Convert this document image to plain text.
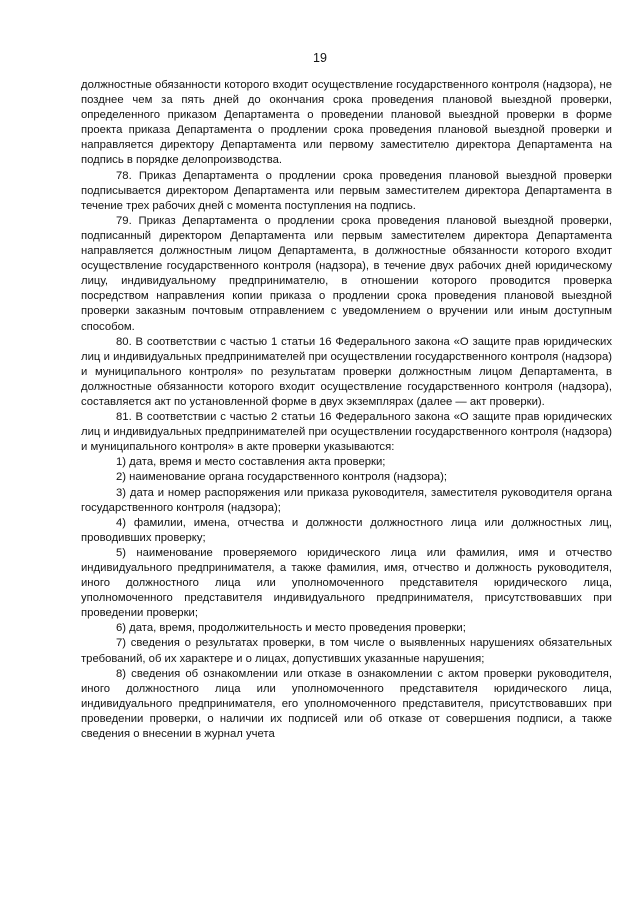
19

должностные обязанности которого входит осуществление государственного контроля (надзора), не позднее чем за пять дней до окончания срока проведения плановой выездной проверки, определенного приказом Департамента о проведении плановой выездной проверки в форме проекта приказа Департамента о продлении срока проведения плановой выездной проверки и направляется директору Департамента или первому заместителю директора Департамента на подпись в порядке делопроизводства.

78. Приказ Департамента о продлении срока проведения плановой выездной проверки подписывается директором Департамента или первым заместителем директора Департамента в течение трех рабочих дней с момента поступления на подпись.

79. Приказ Департамента о продлении срока проведения плановой выездной проверки, подписанный директором Департамента или первым заместителем директора Департамента направляется должностным лицом Департамента, в должностные обязанности которого входит осуществление государственного контроля (надзора), в течение двух рабочих дней юридическому лицу, индивидуальному предпринимателю, в отношении которого проводится проверка посредством направления копии приказа о продлении срока проведения плановой выездной проверки заказным почтовым отправлением с уведомлением о вручении или иным доступным способом.

80. В соответствии с частью 1 статьи 16 Федерального закона «О защите прав юридических лиц и индивидуальных предпринимателей при осуществлении государственного контроля (надзора) и муниципального контроля» по результатам проверки должностным лицом Департамента, в должностные обязанности которого входит осуществление государственного контроля (надзора), составляется акт по установленной форме в двух экземплярах (далее — акт проверки).

81. В соответствии с частью 2 статьи 16 Федерального закона «О защите прав юридических лиц и индивидуальных предпринимателей при осуществлении государственного контроля (надзора) и муниципального контроля» в акте проверки указываются:

1) дата, время и место составления акта проверки;

2) наименование органа государственного контроля (надзора);

3) дата и номер распоряжения или приказа руководителя, заместителя руководителя органа государственного контроля (надзора);

4) фамилии, имена, отчества и должности должностного лица или должностных лиц, проводивших проверку;

5) наименование проверяемого юридического лица или фамилия, имя и отчество индивидуального предпринимателя, а также фамилия, имя, отчество и должность руководителя, иного должностного лица или уполномоченного представителя юридического лица, уполномоченного представителя индивидуального предпринимателя, присутствовавших при проведении проверки;

6) дата, время, продолжительность и место проведения проверки;

7) сведения о результатах проверки, в том числе о выявленных нарушениях обязательных требований, об их характере и о лицах, допустивших указанные нарушения;

8) сведения об ознакомлении или отказе в ознакомлении с актом проверки руководителя, иного должностного лица или уполномоченного представителя юридического лица, индивидуального предпринимателя, его уполномоченного представителя, присутствовавших при проведении проверки, о наличии их подписей или об отказе от совершения подписи, а также сведения о внесении в журнал учета
